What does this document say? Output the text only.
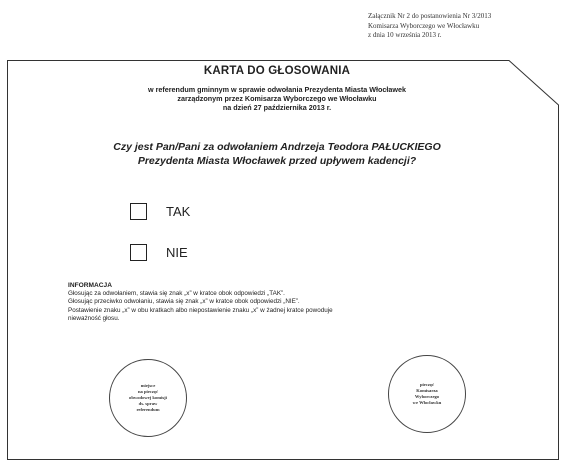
Załącznik Nr 2 do postanowienia Nr 3/2013
Komisarza Wyborczego we Włocławku
z dnia 10 września 2013 r.
KARTA DO GŁOSOWANIA
w referendum gminnym w sprawie odwołania Prezydenta Miasta Włocławek
zarządzonym przez Komisarza Wyborczego we Włocławku
na dzień 27 października 2013 r.
Czy jest Pan/Pani za odwołaniem Andrzeja Teodora PAŁUCKIEGO
Prezydenta Miasta Włocławek przed upływem kadencji?
TAK
NIE
INFORMACJA
Głosując za odwołaniem, stawia się znak „x” w kratce obok odpowiedzi „TAK”.
Głosując przeciwko odwołaniu, stawia się znak „x” w kratce obok odpowiedzi „NIE”.
Postawienie znaku „x” w obu kratkach albo niepostawienie znaku „x” w żadnej kratce powoduje
nieważność głosu.
miejsce
na pieczęć
obwodowej komisji
ds. spraw
referendum
pieczęć
Komisarza
Wyborczego
we Włocławku
